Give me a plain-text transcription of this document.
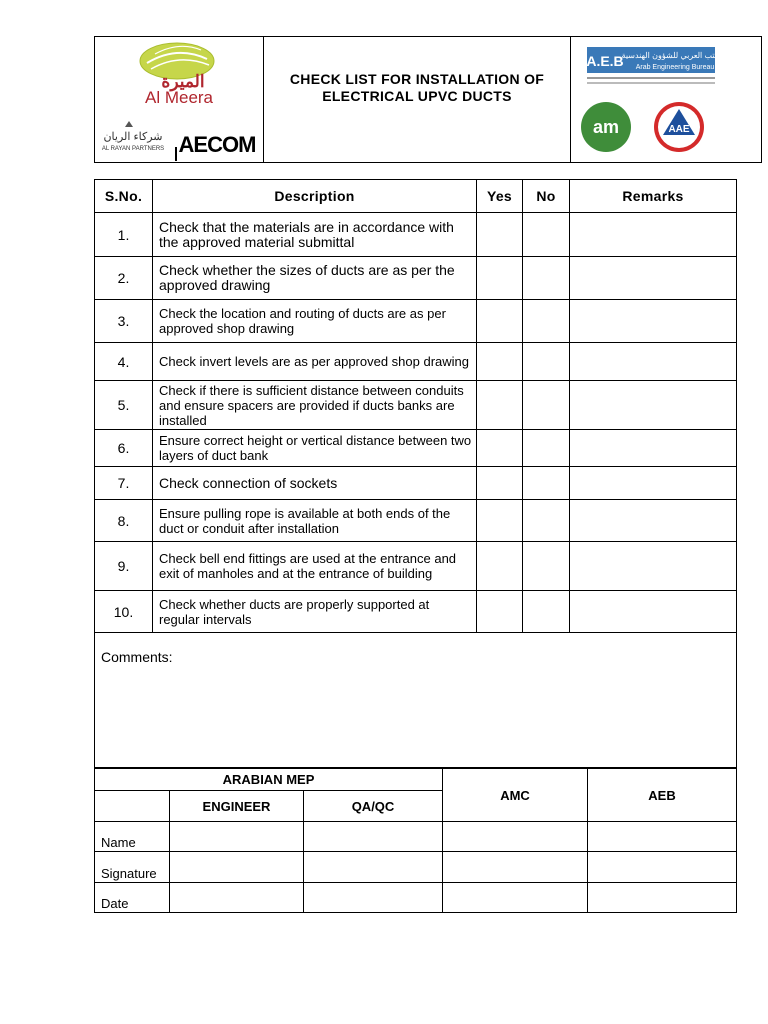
الميرة
Al Meera
شركاء الريان
AL RAYAN PARTNERS AECOM
CHECK LIST FOR INSTALLATION OF
ELECTRICAL UPVC DUCTS
A.E.B
المكتب العربي للشؤون الهندسية
Arab Engineering Bureau
am	AAE
S.No.	Description	Yes	No	Remarks
1.	Check that the materials are in accordance with the approved material submittal			
2.	Check whether the sizes of ducts are as per the approved drawing			
3.	Check the location and routing of ducts are as per approved shop drawing			
4.	Check invert levels are as per approved shop drawing			
5.	Check if there is sufficient distance between conduits and ensure spacers are provided if ducts banks are installed			
6.	Ensure correct height or vertical distance between two layers of duct bank			
7.	Check connection of sockets			
8.	Ensure pulling rope is available at both ends of the duct or conduit after installation			
9.	Check bell end fittings are used at the entrance and exit of manholes and at the entrance of building			
10.	Check whether ducts are properly supported at regular intervals			
Comments:				
ARABIAN MEP			AMC	AEB
	ENGINEER	QA/QC		
Name				
Signature				
Date				
